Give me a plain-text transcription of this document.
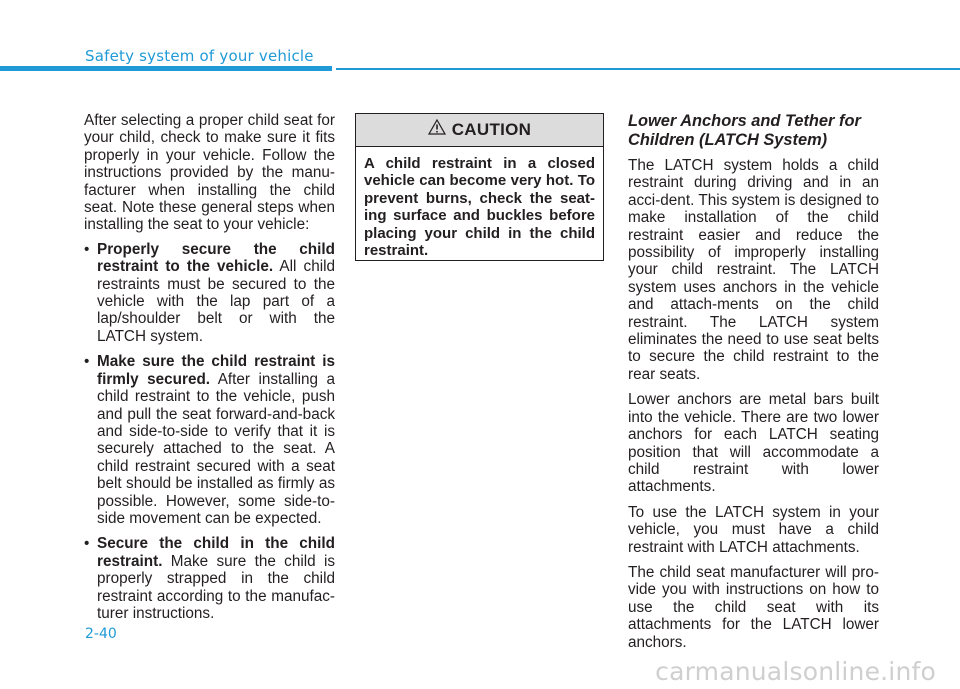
Safety system of your vehicle

After selecting a proper child seat for your child, check to make sure it fits properly in your vehicle. Follow the instructions provided by the manu-facturer when installing the child seat. Note these general steps when installing the seat to your vehicle:

• Properly secure the child restraint to the vehicle. All child restraints must be secured to the vehicle with the lap part of a lap/shoulder belt or with the LATCH system.
• Make sure the child restraint is firmly secured. After installing a child restraint to the vehicle, push and pull the seat forward-and-back and side-to-side to verify that it is securely attached to the seat. A child restraint secured with a seat belt should be installed as firmly as possible. However, some side-to-side movement can be expected.
• Secure the child in the child restraint. Make sure the child is properly strapped in the child restraint according to the manufac-turer instructions.
CAUTION
A child restraint in a closed vehicle can become very hot. To prevent burns, check the seat-ing surface and buckles before placing your child in the child restraint.

Lower Anchors and Tether for Children (LATCH System)

The LATCH system holds a child restraint during driving and in an acci-dent. This system is designed to make installation of the child restraint easier and reduce the possibility of improperly installing your child restraint. The LATCH system uses anchors in the vehicle and attach-ments on the child restraint. The LATCH system eliminates the need to use seat belts to secure the child restraint to the rear seats.

Lower anchors are metal bars built into the vehicle. There are two lower anchors for each LATCH seating position that will accommodate a child restraint with lower attachments.

To use the LATCH system in your vehicle, you must have a child restraint with LATCH attachments.

The child seat manufacturer will pro-vide you with instructions on how to use the child seat with its attachments for the LATCH lower anchors.

2-40
carmanualsonline.info
